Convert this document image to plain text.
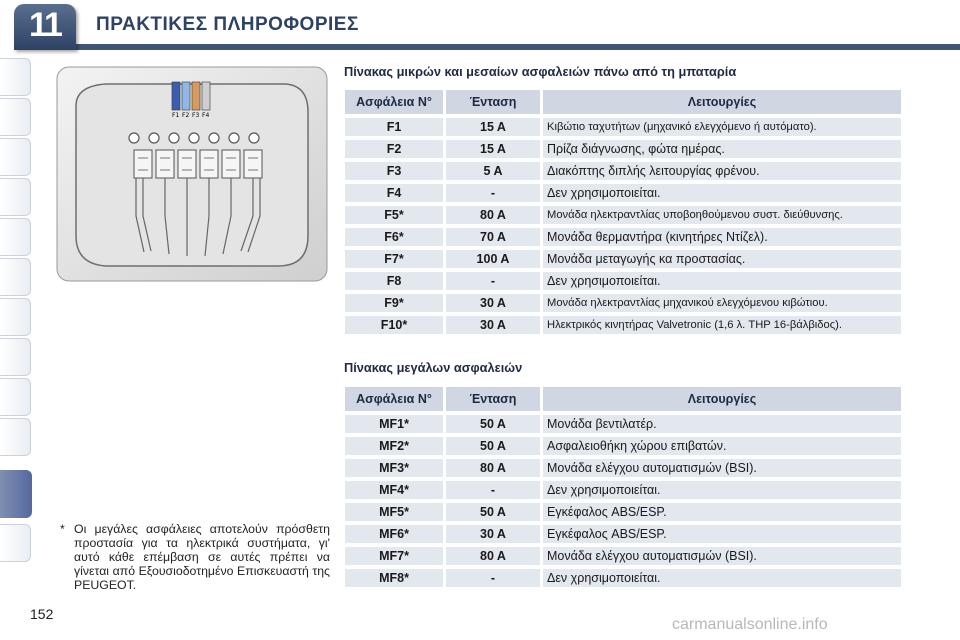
11	ΠΡΑΚΤΙΚΕΣ ΠΛΗΡΟΦΟΡΙΕΣ
F1 F2 F3 F4
Πίνακας μικρών και μεσαίων ασφαλειών πάνω από τη μπαταρία
Ασφάλεια N°	Ένταση	Λειτουργίες
F1	15 A	Κιβώτιο ταχυτήτων (μηχανικό ελεγχόμενο ή αυτόματο).
F2	15 A	Πρίζα διάγνωσης, φώτα ημέρας.
F3	5 A	Διακόπτης διπλής λειτουργίας φρένου.
F4	-	Δεν χρησιμοποιείται.
F5*	80 A	Μονάδα ηλεκτραντλίας υποβοηθούμενου συστ. διεύθυνσης.
F6*	70 A	Μονάδα θερμαντήρα (κινητήρες Ντίζελ).
F7*	100 A	Μονάδα μεταγωγής κα προστασίας.
F8	-	Δεν χρησιμοποιείται.
F9*	30 A	Μονάδα ηλεκτραντλίας μηχανικού ελεγχόμενου κιβώτιου.
F10*	30 A	Ηλεκτρικός κινητήρας Valvetronic (1,6 λ. THP 16-βάλβιδος).
Πίνακας μεγάλων ασφαλειών
Ασφάλεια N°	Ένταση	Λειτουργίες
MF1*	50 A	Μονάδα βεντιλατέρ.
MF2*	50 A	Ασφαλειοθήκη χώρου επιβατών.
MF3*	80 A	Μονάδα ελέγχου αυτοματισμών (BSI).
MF4*	-	Δεν χρησιμοποιείται.
MF5*	50 A	Εγκέφαλος ABS/ESP.
MF6*	30 A	Εγκέφαλος ABS/ESP.
MF7*	80 A	Μονάδα ελέγχου αυτοματισμών (BSI).
MF8*	-	Δεν χρησιμοποιείται.
* Οι μεγάλες ασφάλειες αποτελούν πρόσθετη προστασία για τα ηλεκτρικά συστήματα, γι' αυτό κάθε επέμβαση σε αυτές πρέπει να γίνεται από Εξουσιοδοτημένο Επισκευαστή της PEUGEOT.
152
carmanualsonline.info
